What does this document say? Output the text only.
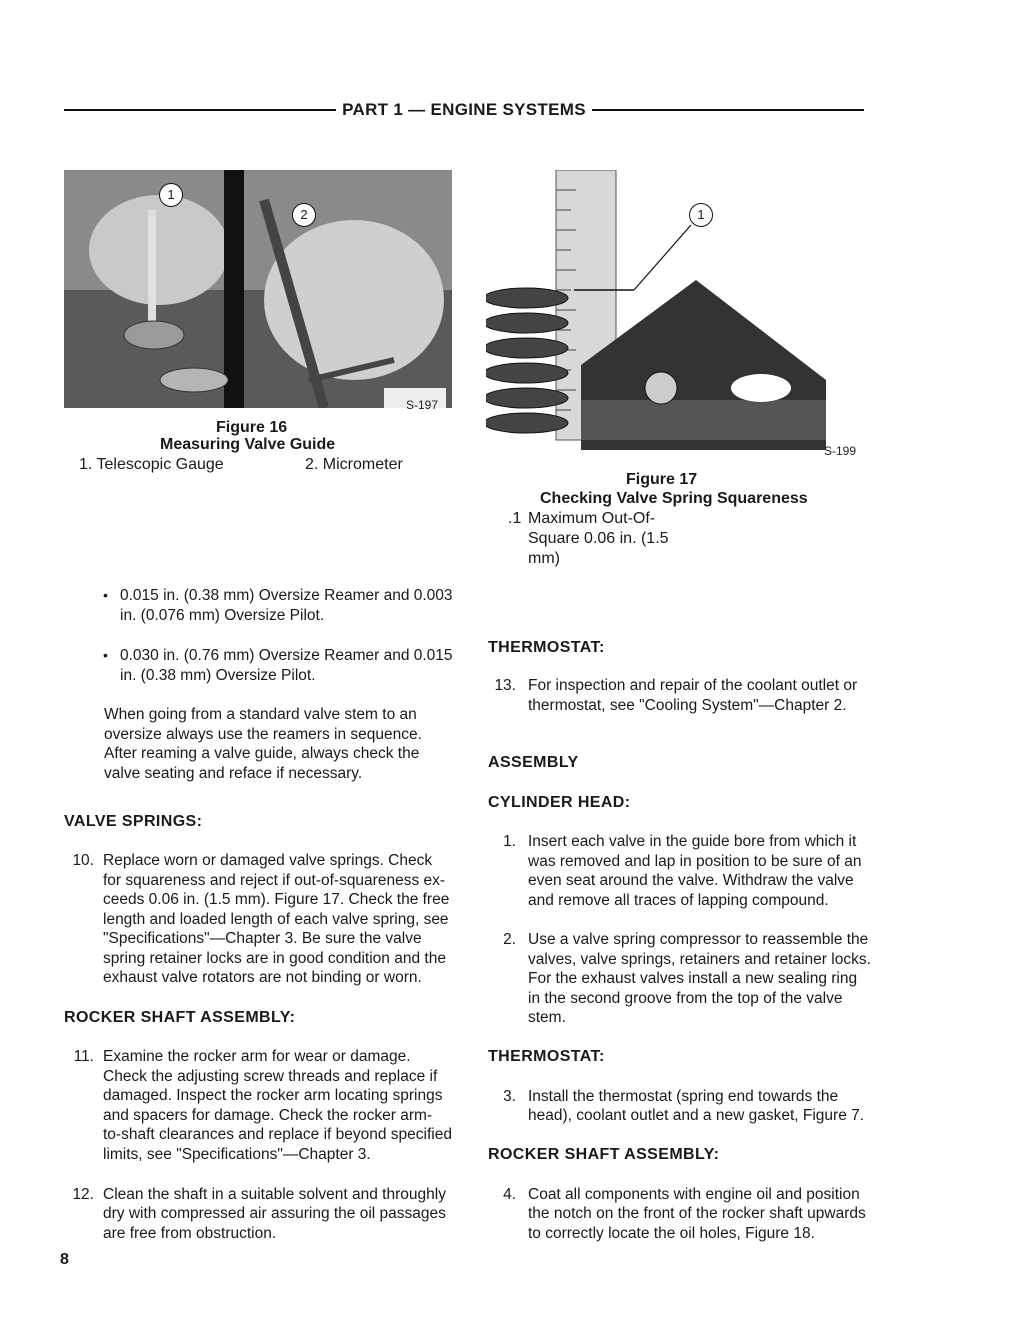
PART 1 — ENGINE SYSTEMS
1
2
S-197
Figure 16
Measuring Valve Guide
1. Telescopic Gauge	2. Micrometer
1
S-199
Figure 17
Checking Valve Spring Squareness
.1 Maximum Out-Of-
Square 0.06 in. (1.5
mm)
• 0.015 in. (0.38 mm) Oversize Reamer and 0.003
in. (0.076 mm) Oversize Pilot.
• 0.030 in. (0.76 mm) Oversize Reamer and 0.015
in. (0.38 mm) Oversize Pilot.
When going from a standard valve stem to an
oversize always use the reamers in sequence.
After reaming a valve guide, always check the
valve seating and reface if necessary.
VALVE SPRINGS:
10. Replace worn or damaged valve springs. Check
for squareness and reject if out-of-squareness ex-
ceeds 0.06 in. (1.5 mm). Figure 17. Check the free
length and loaded length of each valve spring, see
"Specifications"—Chapter 3. Be sure the valve
spring retainer locks are in good condition and the
exhaust valve rotators are not binding or worn.
ROCKER SHAFT ASSEMBLY:
11. Examine the rocker arm for wear or damage.
Check the adjusting screw threads and replace if
damaged. Inspect the rocker arm locating springs
and spacers for damage. Check the rocker arm-
to-shaft clearances and replace if beyond specified
limits, see "Specifications"—Chapter 3.
12. Clean the shaft in a suitable solvent and throughly
dry with compressed air assuring the oil passages
are free from obstruction.
THERMOSTAT:
13. For inspection and repair of the coolant outlet or
thermostat, see "Cooling System"—Chapter 2.
ASSEMBLY
CYLINDER HEAD:
1. Insert each valve in the guide bore from which it
was removed and lap in position to be sure of an
even seat around the valve. Withdraw the valve
and remove all traces of lapping compound.
2. Use a valve spring compressor to reassemble the
valves, valve springs, retainers and retainer locks.
For the exhaust valves install a new sealing ring
in the second groove from the top of the valve
stem.
THERMOSTAT:
3. Install the thermostat (spring end towards the
head), coolant outlet and a new gasket, Figure 7.
ROCKER SHAFT ASSEMBLY:
4. Coat all components with engine oil and position
the notch on the front of the rocker shaft upwards
to correctly locate the oil holes, Figure 18.
8
